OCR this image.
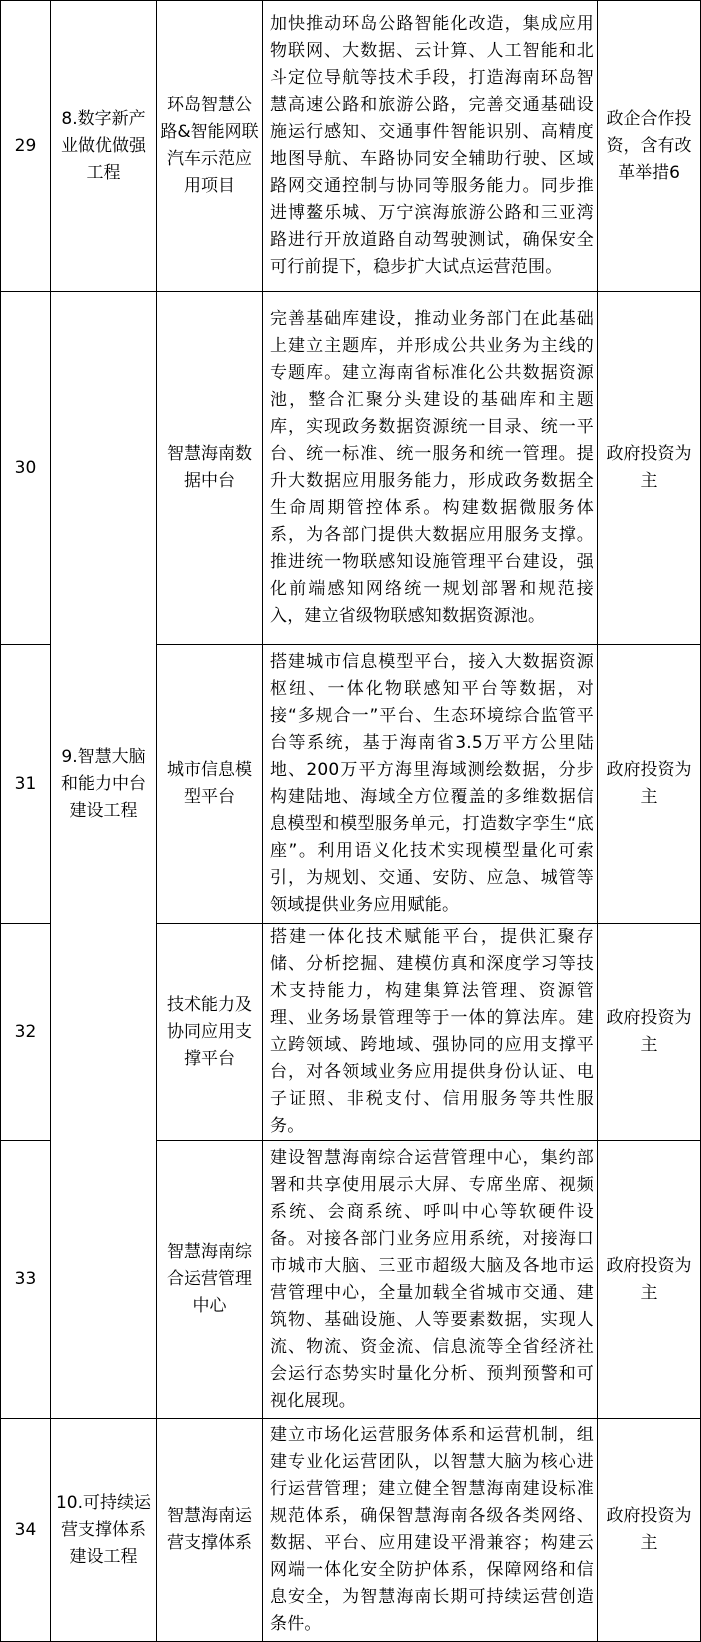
29	8.数字新产业做优做强工程	环岛智慧公路&智能网联汽车示范应用项目	加快推动环岛公路智能化改造，集成应用物联网、大数据、云计算、人工智能和北斗定位导航等技术手段，打造海南环岛智慧高速公路和旅游公路，完善交通基础设施运行感知、交通事件智能识别、高精度地图导航、车路协同安全辅助行驶、区域路网交通控制与协同等服务能力。同步推进博鳌乐城、万宁滨海旅游公路和三亚湾路进行开放道路自动驾驶测试，确保安全可行前提下，稳步扩大试点运营范围。	政企合作投资，含有改革举措6
30		智慧海南数据中台	完善基础库建设，推动业务部门在此基础上建立主题库，并形成公共业务为主线的专题库。建立海南省标准化公共数据资源池，整合汇聚分头建设的基础库和主题库，实现政务数据资源统一目录、统一平台、统一标准、统一服务和统一管理。提升大数据应用服务能力，形成政务数据全生命周期管控体系。构建数据微服务体系，为各部门提供大数据应用服务支撑。推进统一物联感知设施管理平台建设，强化前端感知网络统一规划部署和规范接入，建立省级物联感知数据资源池。	政府投资为主
31	9.智慧大脑和能力中台建设工程	城市信息模型平台	搭建城市信息模型平台，接入大数据资源枢纽、一体化物联感知平台等数据，对接“多规合一”平台、生态环境综合监管平台等系统，基于海南省3.5万平方公里陆地、200万平方海里海域测绘数据，分步构建陆地、海域全方位覆盖的多维数据信息模型和模型服务单元，打造数字孪生“底座”。利用语义化技术实现模型量化可索引，为规划、交通、安防、应急、城管等领域提供业务应用赋能。	政府投资为主
32		技术能力及协同应用支撑平台	搭建一体化技术赋能平台，提供汇聚存储、分析挖掘、建模仿真和深度学习等技术支持能力，构建集算法管理、资源管理、业务场景管理等于一体的算法库。建立跨领域、跨地域、强协同的应用支撑平台，对各领域业务应用提供身份认证、电子证照、非税支付、信用服务等共性服务。	政府投资为主
33		智慧海南综合运营管理中心	建设智慧海南综合运营管理中心，集约部署和共享使用展示大屏、专席坐席、视频系统、会商系统、呼叫中心等软硬件设备。对接各部门业务应用系统，对接海口市城市大脑、三亚市超级大脑及各地市运营管理中心，全量加载全省城市交通、建筑物、基础设施、人等要素数据，实现人流、物流、资金流、信息流等全省经济社会运行态势实时量化分析、预判预警和可视化展现。	政府投资为主
34	10.可持续运营支撑体系建设工程	智慧海南运营支撑体系	建立市场化运营服务体系和运营机制，组建专业化运营团队，以智慧大脑为核心进行运营管理；建立健全智慧海南建设标准规范体系，确保智慧海南各级各类网络、数据、平台、应用建设平滑兼容；构建云网端一体化安全防护体系，保障网络和信息安全，为智慧海南长期可持续运营创造条件。	政府投资为主
